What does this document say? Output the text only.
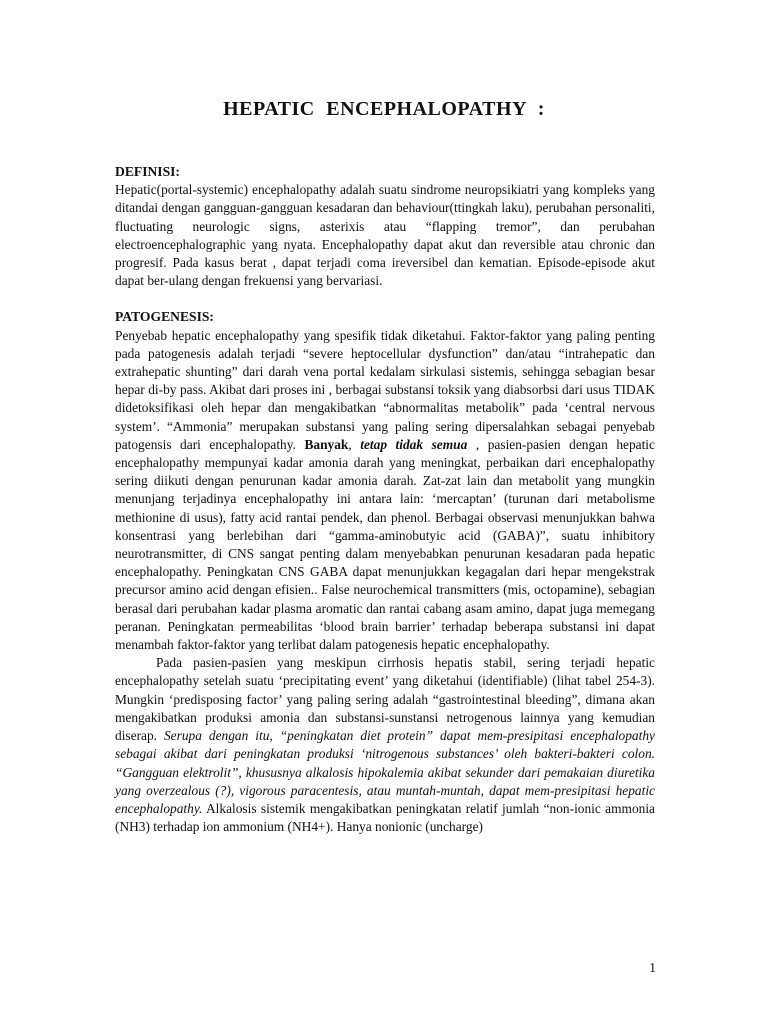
HEPATIC ENCEPHALOPATHY :

DEFINISI:

Hepatic(portal-systemic) encephalopathy adalah suatu sindrome neuropsikiatri yang kompleks yang ditandai dengan gangguan-gangguan kesadaran dan behaviour(ttingkah laku), perubahan personaliti, fluctuating neurologic signs, asterixis atau “flapping tremor”, dan perubahan electroencephalographic yang nyata. Encephalopathy dapat akut dan reversible atau chronic dan progresif. Pada kasus berat , dapat terjadi coma ireversibel dan kematian. Episode-episode akut dapat ber-ulang dengan frekuensi yang bervariasi.

PATOGENESIS:

Penyebab hepatic encephalopathy yang spesifik tidak diketahui. Faktor-faktor yang paling penting pada patogenesis adalah terjadi “severe heptocellular dysfunction” dan/atau “intrahepatic dan extrahepatic shunting” dari darah vena portal kedalam sirkulasi sistemis, sehingga sebagian besar hepar di-by pass. Akibat dari proses ini , berbagai substansi toksik yang diabsorbsi dari usus TIDAK didetoksifikasi oleh hepar dan mengakibatkan “abnormalitas metabolik” pada ‘central nervous system’. “Ammonia” merupakan substansi yang paling sering dipersalahkan sebagai penyebab patogensis dari encephalopathy. Banyak, tetap tidak semua , pasien-pasien dengan hepatic encephalopathy mempunyai kadar amonia darah yang meningkat, perbaikan dari encephalopathy sering diikuti dengan penurunan kadar amonia darah. Zat-zat lain dan metabolit yang mungkin menunjang terjadinya encephalopathy ini antara lain: ‘mercaptan’ (turunan dari metabolisme methionine di usus), fatty acid rantai pendek, dan phenol. Berbagai observasi menunjukkan bahwa konsentrasi yang berlebihan dari “gamma-aminobutyic acid (GABA)”, suatu inhibitory neurotransmitter, di CNS sangat penting dalam menyebabkan penurunan kesadaran pada hepatic encephalopathy. Peningkatan CNS GABA dapat menunjukkan kegagalan dari hepar mengekstrak precursor amino acid dengan efisien.. False neurochemical transmitters (mis, octopamine), sebagian berasal dari perubahan kadar plasma aromatic dan rantai cabang asam amino, dapat juga memegang peranan. Peningkatan permeabilitas ‘blood brain barrier’ terhadap beberapa substansi ini dapat menambah faktor-faktor yang terlibat dalam patogenesis hepatic encephalopathy.

Pada pasien-pasien yang meskipun cirrhosis hepatis stabil, sering terjadi hepatic encephalopathy setelah suatu ‘precipitating event’ yang diketahui (identifiable) (lihat tabel 254-3). Mungkin ‘predisposing factor’ yang paling sering adalah “gastrointestinal bleeding”, dimana akan mengakibatkan produksi amonia dan substansi-sunstansi netrogenous lainnya yang kemudian diserap. Serupa dengan itu, “peningkatan diet protein” dapat mem-presipitasi encephalopathy sebagai akibat dari peningkatan produksi ‘nitrogenous substances’ oleh bakteri-bakteri colon. “Gangguan elektrolit”, khususnya alkalosis hipokalemia akibat sekunder dari pemakaian diuretika yang overzealous (?), vigorous paracentesis, atau muntah-muntah, dapat mem-presipitasi hepatic encephalopathy. Alkalosis sistemik mengakibatkan peningkatan relatif jumlah “non-ionic ammonia (NH3) terhadap ion ammonium (NH4+). Hanya nonionic (uncharge)

1
